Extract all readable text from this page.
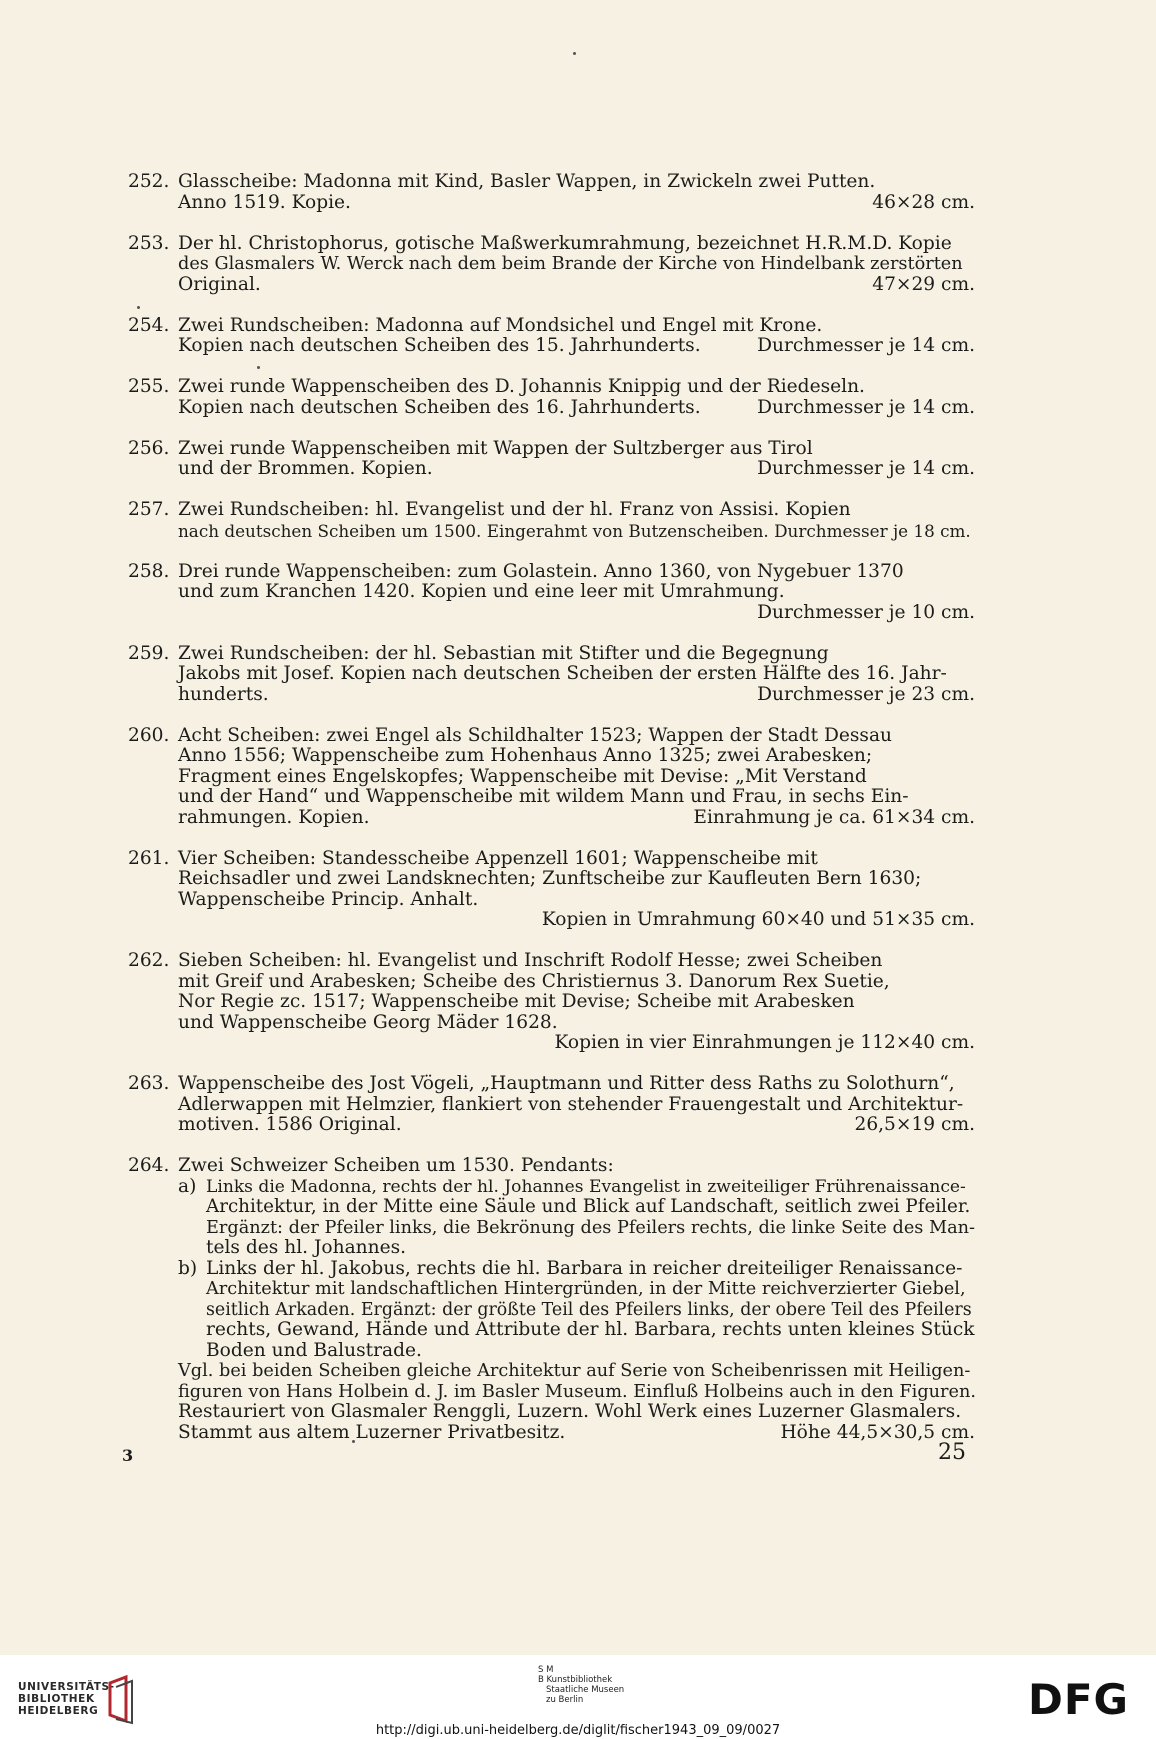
252. Glasscheibe: Madonna mit Kind, Basler Wappen, in Zwickeln zwei Putten.
Anno 1519. Kopie.	46×28 cm.
253. Der hl. Christophorus, gotische Maßwerkumrahmung, bezeichnet H.R.M.D. Kopie
des Glasmalers W. Werck nach dem beim Brande der Kirche von Hindelbank zerstörten
Original.	47×29 cm.
254. Zwei Rundscheiben: Madonna auf Mondsichel und Engel mit Krone.
Kopien nach deutschen Scheiben des 15. Jahrhunderts.	Durchmesser je 14 cm.
255. Zwei runde Wappenscheiben des D. Johannis Knippig und der Riedeseln.
Kopien nach deutschen Scheiben des 16. Jahrhunderts.	Durchmesser je 14 cm.
256. Zwei runde Wappenscheiben mit Wappen der Sultzberger aus Tirol
und der Brommen. Kopien.	Durchmesser je 14 cm.
257. Zwei Rundscheiben: hl. Evangelist und der hl. Franz von Assisi. Kopien
nach deutschen Scheiben um 1500. Eingerahmt von Butzenscheiben. Durchmesser je 18 cm.
258. Drei runde Wappenscheiben: zum Golastein. Anno 1360, von Nygebuer 1370
und zum Kranchen 1420. Kopien und eine leer mit Umrahmung.
Durchmesser je 10 cm.
259. Zwei Rundscheiben: der hl. Sebastian mit Stifter und die Begegnung
Jakobs mit Josef. Kopien nach deutschen Scheiben der ersten Hälfte des 16. Jahr-
hunderts.	Durchmesser je 23 cm.
260. Acht Scheiben: zwei Engel als Schildhalter 1523; Wappen der Stadt Dessau
Anno 1556; Wappenscheibe zum Hohenhaus Anno 1325; zwei Arabesken;
Fragment eines Engelskopfes; Wappenscheibe mit Devise: „Mit Verstand
und der Hand“ und Wappenscheibe mit wildem Mann und Frau, in sechs Ein-
rahmungen. Kopien.	Einrahmung je ca. 61×34 cm.
261. Vier Scheiben: Standesscheibe Appenzell 1601; Wappenscheibe mit
Reichsadler und zwei Landsknechten; Zunftscheibe zur Kaufleuten Bern 1630;
Wappenscheibe Princip. Anhalt.
Kopien in Umrahmung 60×40 und 51×35 cm.
262. Sieben Scheiben: hl. Evangelist und Inschrift Rodolf Hesse; zwei Scheiben
mit Greif und Arabesken; Scheibe des Christiernus 3. Danorum Rex Suetie,
Nor Regie zc. 1517; Wappenscheibe mit Devise; Scheibe mit Arabesken
und Wappenscheibe Georg Mäder 1628.
Kopien in vier Einrahmungen je 112×40 cm.
263. Wappenscheibe des Jost Vögeli, „Hauptmann und Ritter dess Raths zu Solothurn“,
Adlerwappen mit Helmzier, flankiert von stehender Frauengestalt und Architektur-
motiven. 1586 Original.	26,5×19 cm.
264. Zwei Schweizer Scheiben um 1530. Pendants:
a) Links die Madonna, rechts der hl. Johannes Evangelist in zweiteiliger Frührenaissance-
Architektur, in der Mitte eine Säule und Blick auf Landschaft, seitlich zwei Pfeiler.
Ergänzt: der Pfeiler links, die Bekrönung des Pfeilers rechts, die linke Seite des Man-
tels des hl. Johannes.
b) Links der hl. Jakobus, rechts die hl. Barbara in reicher dreiteiliger Renaissance-
Architektur mit landschaftlichen Hintergründen, in der Mitte reichverzierter Giebel,
seitlich Arkaden. Ergänzt: der größte Teil des Pfeilers links, der obere Teil des Pfeilers
rechts, Gewand, Hände und Attribute der hl. Barbara, rechts unten kleines Stück
Boden und Balustrade.
Vgl. bei beiden Scheiben gleiche Architektur auf Serie von Scheibenrissen mit Heiligen-
figuren von Hans Holbein d. J. im Basler Museum. Einfluß Holbeins auch in den Figuren.
Restauriert von Glasmaler Renggli, Luzern. Wohl Werk eines Luzerner Glasmalers.
Stammt aus altem Luzerner Privatbesitz.	Höhe 44,5×30,5 cm.
3	25
UNIVERSITÄTS-
BIBLIOTHEK
HEIDELBERG
S M
B Kunstbibliothek
Staatliche Museen
zu Berlin	DFG
http://digi.ub.uni-heidelberg.de/diglit/fischer1943_09_09/0027
